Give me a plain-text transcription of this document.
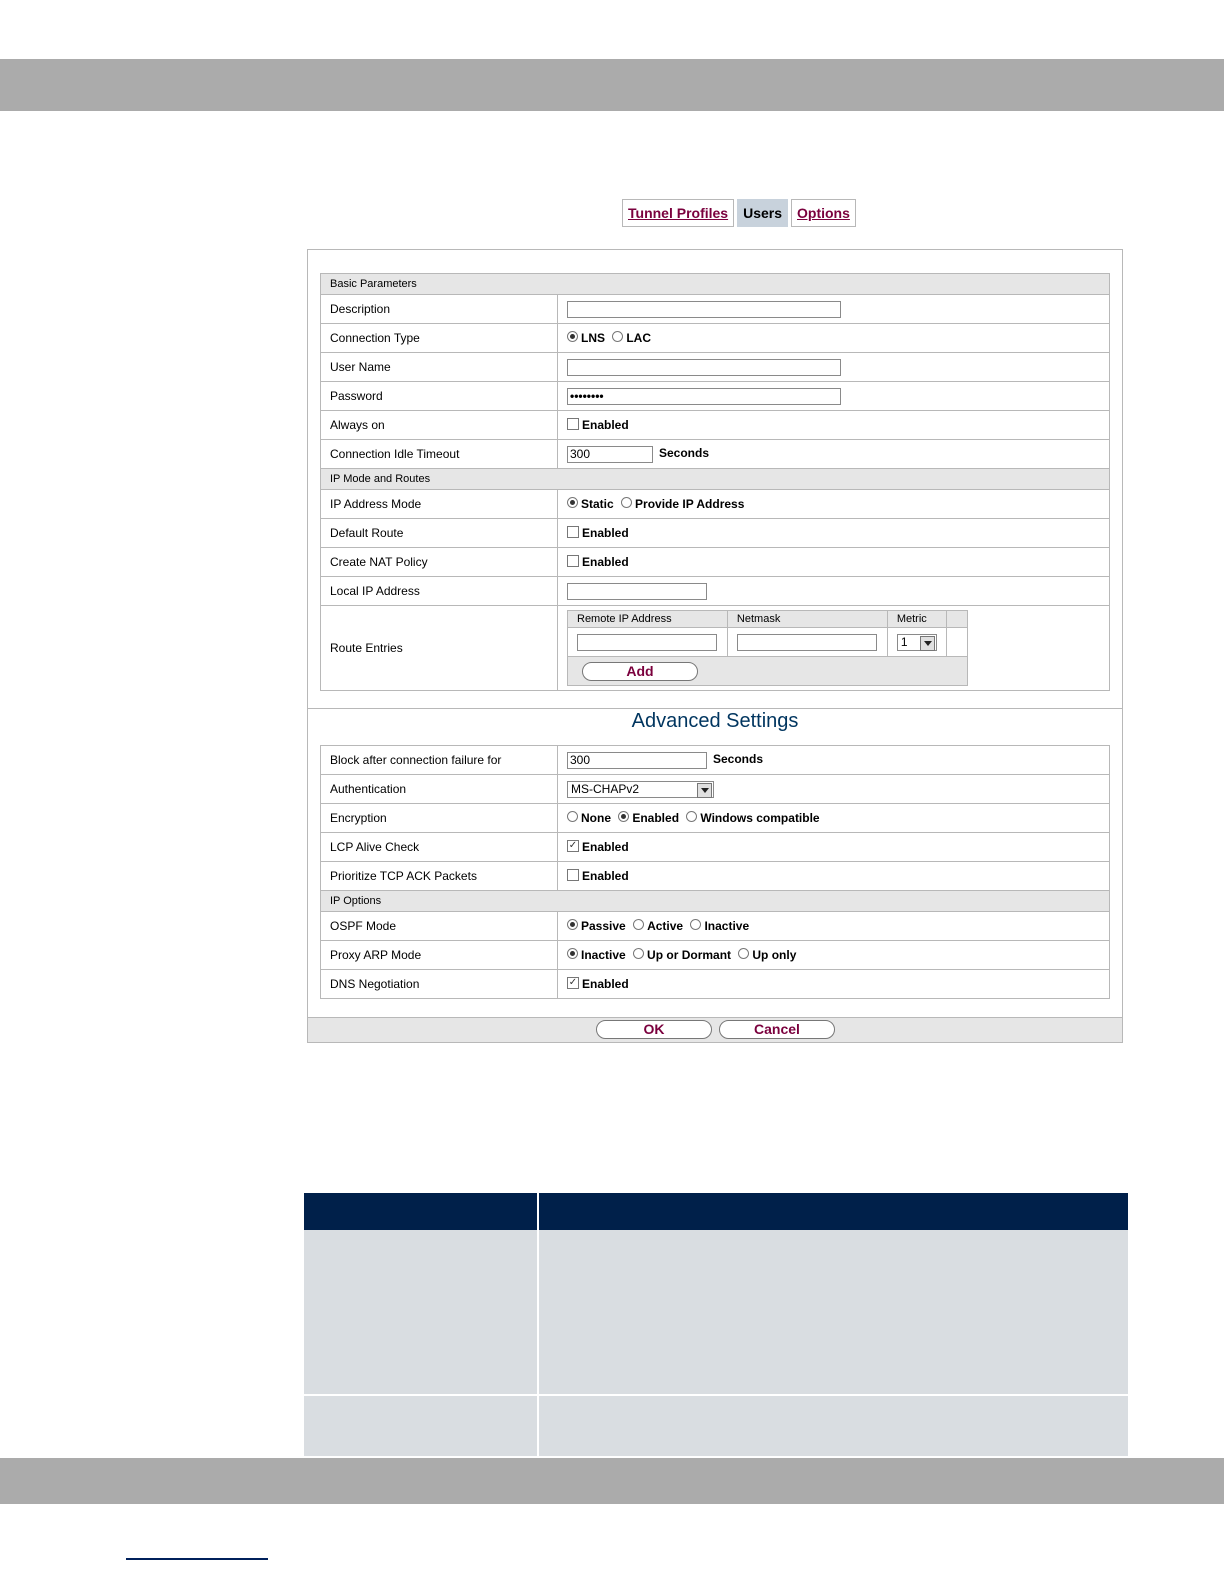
Tunnel Profiles	Users	Options
Basic Parameters
Description	
Connection Type	LNS LAC
User Name	
Password	••••••••
Always on	Enabled
Connection Idle Timeout	300Seconds
IP Mode and Routes
IP Address Mode	Static Provide IP Address
Default Route	Enabled
Create NAT Policy	Enabled
Local IP Address	
Route Entries	
Remote IP Address	Netmask	Metric	
		1

Add
Advanced Settings
Block after connection failure for	300Seconds
Authentication	MS-CHAPv2

Encryption	None Enabled Windows compatible
LCP Alive Check	✓ Enabled
Prioritize TCP ACK Packets	Enabled
IP Options	
OSPF Mode	Passive Active Inactive
Proxy ARP Mode	Inactive Up or Dormant Up only
DNS Negotiation	✓ Enabled
OK	Cancel
